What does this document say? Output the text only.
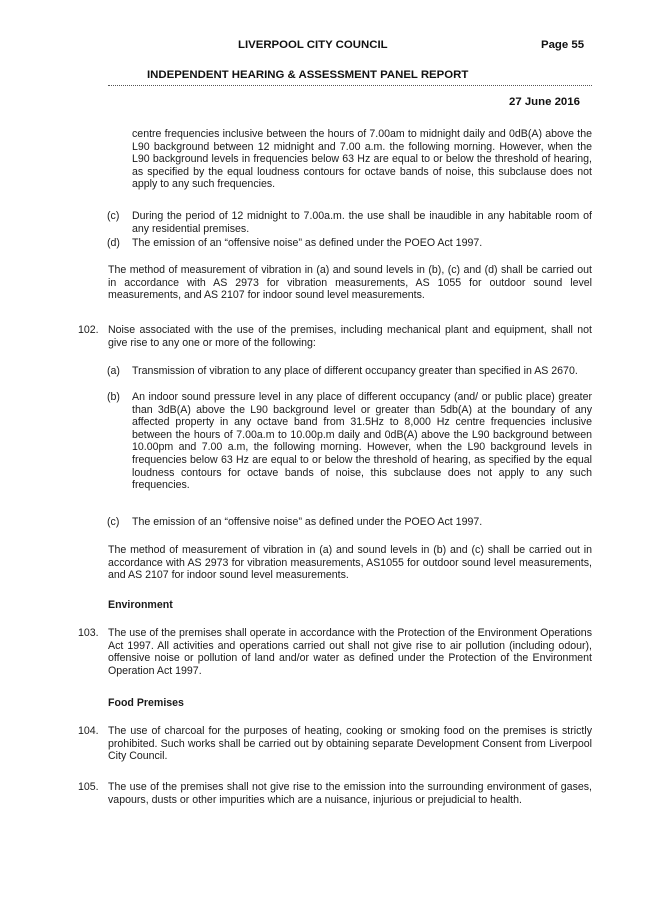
LIVERPOOL CITY COUNCIL	Page 55
INDEPENDENT HEARING & ASSESSMENT PANEL REPORT
27 June 2016

centre frequencies inclusive between the hours of 7.00am to midnight daily and 0dB(A) above the L90 background between 12 midnight and 7.00 a.m. the following morning. However, when the L90 background levels in frequencies below 63 Hz are equal to or below the threshold of hearing, as specified by the equal loudness contours for octave bands of noise, this subclause does not apply to any such frequencies.

(c) During the period of 12 midnight to 7.00a.m. the use shall be inaudible in any habitable room of any residential premises.

(d) The emission of an “offensive noise” as defined under the POEO Act 1997.

The method of measurement of vibration in (a) and sound levels in (b), (c) and (d) shall be carried out in accordance with AS 2973 for vibration measurements, AS 1055 for outdoor sound level measurements, and AS 2107 for indoor sound level measurements.

102. Noise associated with the use of the premises, including mechanical plant and equipment, shall not give rise to any one or more of the following:

(a) Transmission of vibration to any place of different occupancy greater than specified in AS 2670.

(b) An indoor sound pressure level in any place of different occupancy (and/ or public place) greater than 3dB(A) above the L90 background level or greater than 5db(A) at the boundary of any affected property in any octave band from 31.5Hz to 8,000 Hz centre frequencies inclusive between the hours of 7.00a.m to 10.00p.m daily and 0dB(A) above the L90 background between 10.00pm and 7.00 a.m, the following morning. However, when the L90 background levels in frequencies below 63 Hz are equal to or below the threshold of hearing, as specified by the equal loudness contours for octave bands of noise, this subclause does not apply to any such frequencies.

(c) The emission of an “offensive noise” as defined under the POEO Act 1997.

The method of measurement of vibration in (a) and sound levels in (b) and (c) shall be carried out in accordance with AS 2973 for vibration measurements, AS1055 for outdoor sound level measurements, and AS 2107 for indoor sound level measurements.

Environment
103. The use of the premises shall operate in accordance with the Protection of the Environment Operations Act 1997. All activities and operations carried out shall not give rise to air pollution (including odour), offensive noise or pollution of land and/or water as defined under the Protection of the Environment Operation Act 1997.

Food Premises
104. The use of charcoal for the purposes of heating, cooking or smoking food on the premises is strictly prohibited. Such works shall be carried out by obtaining separate Development Consent from Liverpool City Council.

105. The use of the premises shall not give rise to the emission into the surrounding environment of gases, vapours, dusts or other impurities which are a nuisance, injurious or prejudicial to health.
